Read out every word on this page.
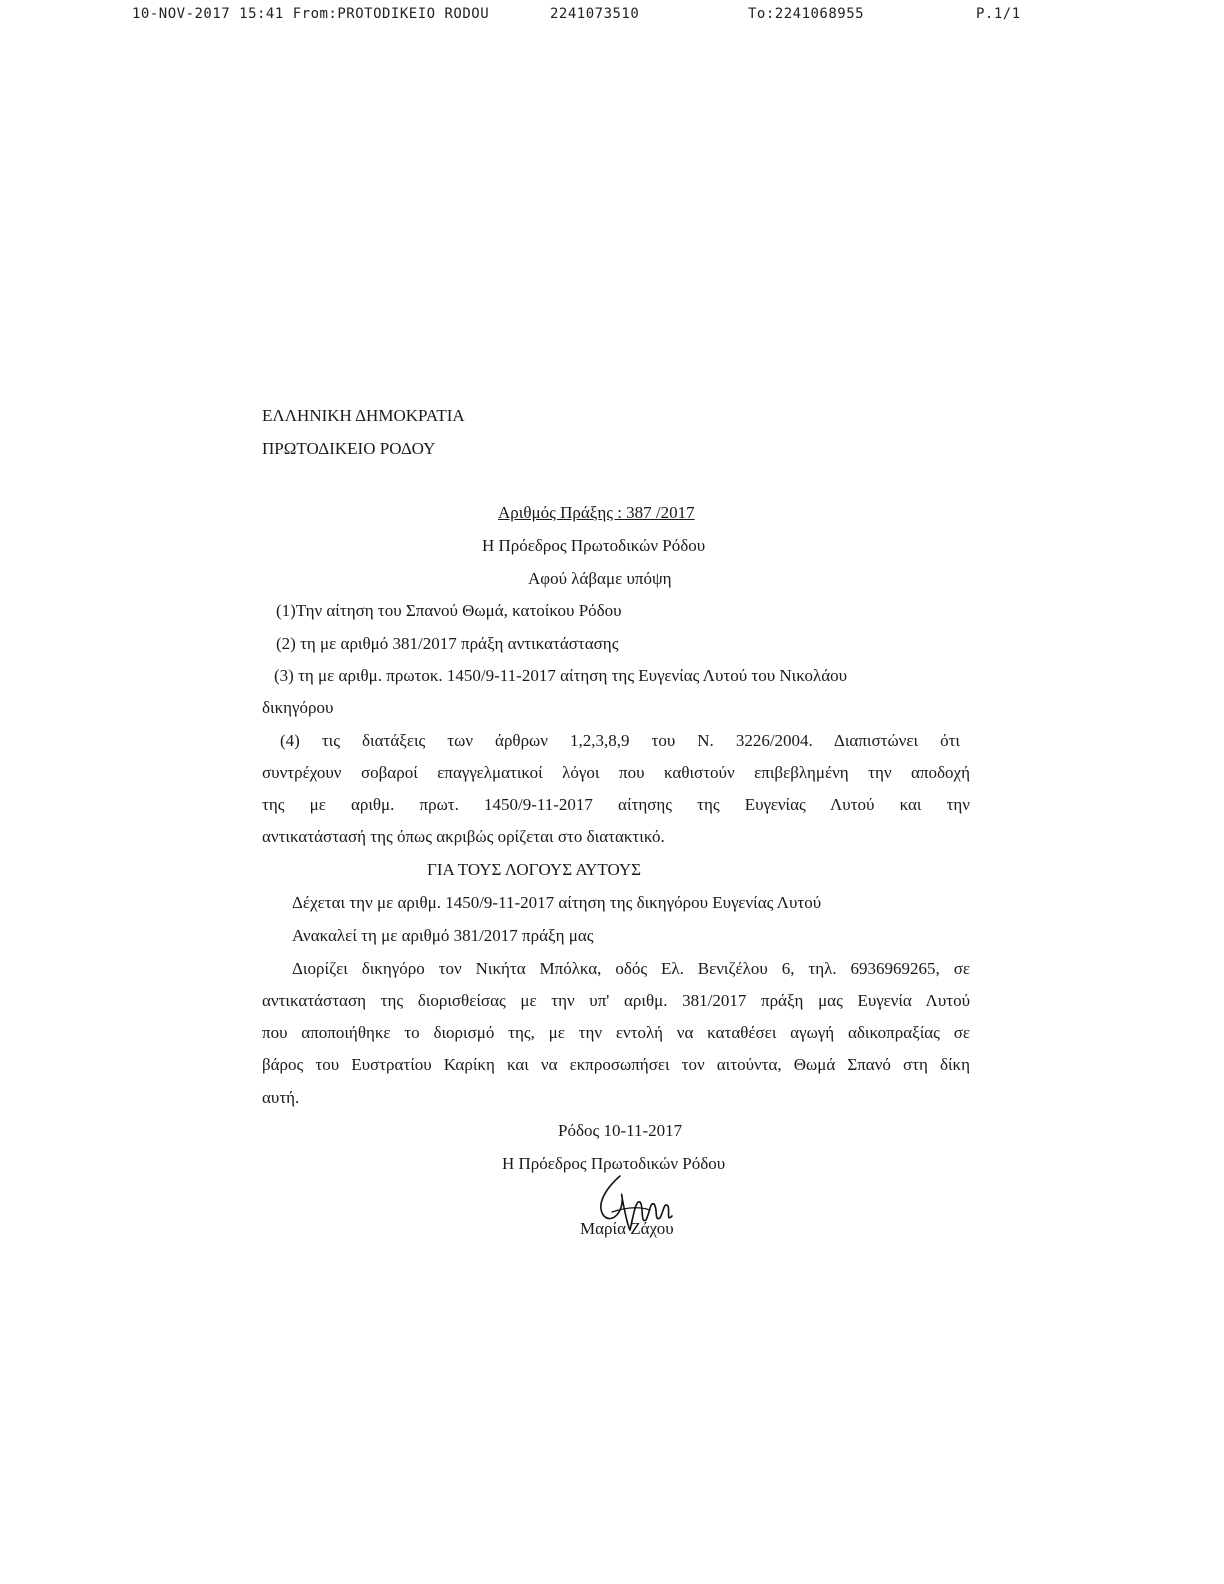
10-NOV-2017 15:41 From:PROTODIKEIO RODOU	2241073510	To:2241068955	P.1/1
ΕΛΛΗΝΙΚΗ ΔΗΜΟΚΡΑΤΙΑ
ΠΡΩΤΟΔΙΚΕΙΟ ΡΟΔΟΥ
Αριθμός Πράξης : 387 /2017
Η Πρόεδρος Πρωτοδικών Ρόδου
Αφού λάβαμε υπόψη
(1)Την αίτηση του Σπανού Θωμά, κατοίκου Ρόδου
(2) τη με αριθμό 381/2017 πράξη αντικατάστασης
(3) τη με αριθμ. πρωτοκ. 1450/9-11-2017 αίτηση της Ευγενίας Λυτού του Νικολάου
δικηγόρου
(4) τις διατάξεις των άρθρων 1,2,3,8,9 του Ν. 3226/2004. Διαπιστώνει ότι
συντρέχουν σοβαροί επαγγελματικοί λόγοι που καθιστούν επιβεβλημένη την αποδοχή
της με αριθμ. πρωτ. 1450/9-11-2017 αίτησης της Ευγενίας Λυτού και την
αντικατάστασή της όπως ακριβώς ορίζεται στο διατακτικό.
ΓΙΑ ΤΟΥΣ ΛΟΓΟΥΣ ΑΥΤΟΥΣ
Δέχεται την με αριθμ. 1450/9-11-2017 αίτηση της δικηγόρου Ευγενίας Λυτού
Ανακαλεί τη με αριθμό 381/2017 πράξη μας
Διορίζει δικηγόρο τον Νικήτα Μπόλκα, οδός Ελ. Βενιζέλου 6, τηλ. 6936969265, σε
αντικατάσταση της διορισθείσας με την υπ' αριθμ. 381/2017 πράξη μας Ευγενία Λυτού
που αποποιήθηκε το διορισμό της, με την εντολή να καταθέσει αγωγή αδικοπραξίας σε
βάρος του Ευστρατίου Καρίκη και να εκπροσωπήσει τον αιτούντα, Θωμά Σπανό στη δίκη
αυτή.
Ρόδος 10-11-2017
Η Πρόεδρος Πρωτοδικών Ρόδου
Μαρία Ζάχου
